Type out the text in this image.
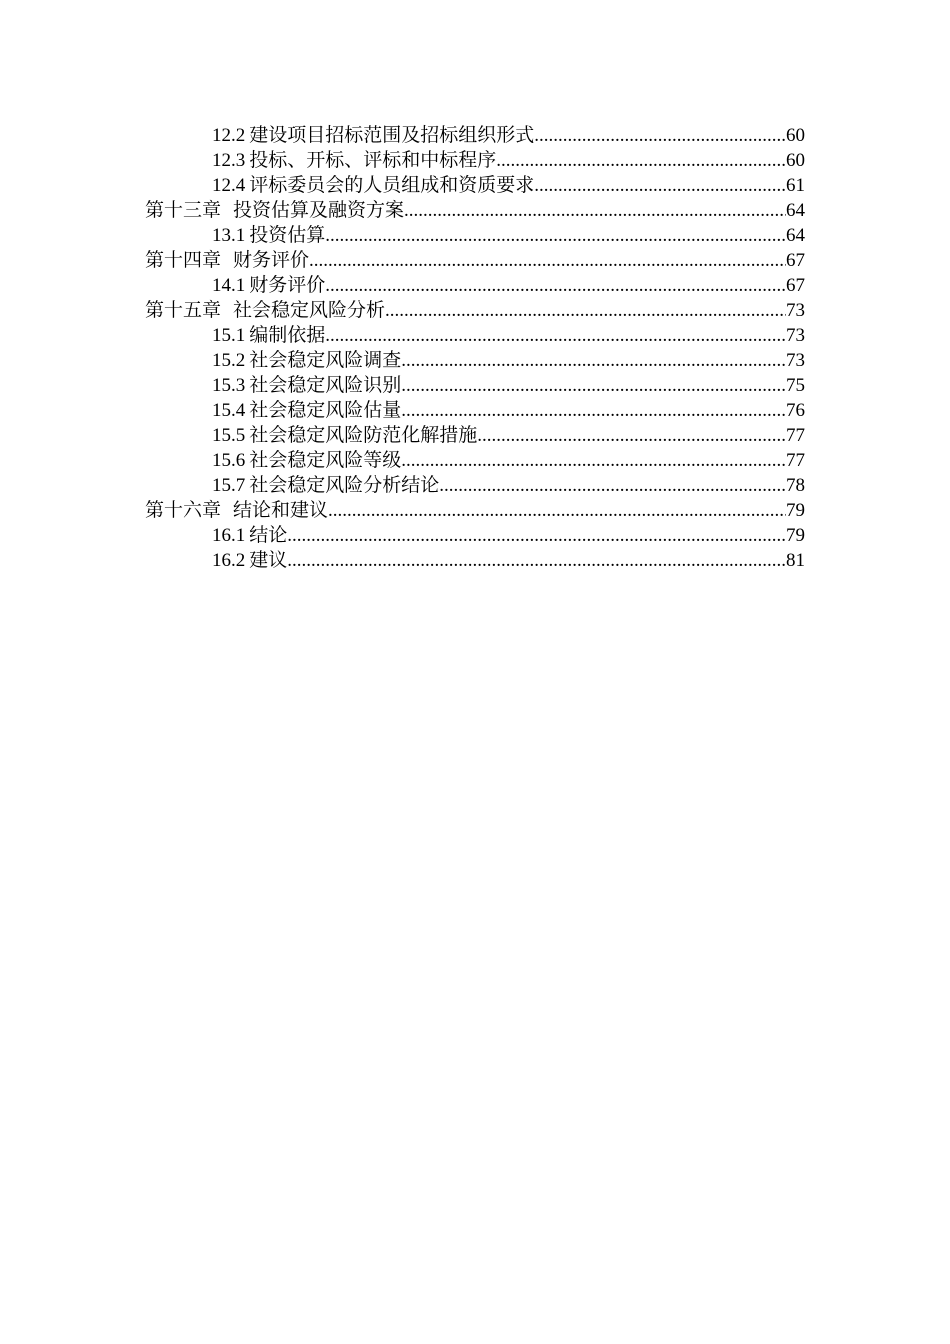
12.2 建设项目招标范围及招标组织形式 .....	60
12.3 投标、开标、评标和中标程序 .....	60
12.4 评标委员会的人员组成和资质要求 .....	61
第十三章 投资估算及融资方案 .....	64
13.1 投资估算 .....	64
第十四章 财务评价 .....	67
14.1 财务评价 .....	67
第十五章 社会稳定风险分析 .....	73
15.1 编制依据 .....	73
15.2 社会稳定风险调查 .....	73
15.3 社会稳定风险识别 .....	75
15.4 社会稳定风险估量 .....	76
15.5 社会稳定风险防范化解措施 .....	77
15.6 社会稳定风险等级 .....	77
15.7 社会稳定风险分析结论 .....	78
第十六章 结论和建议 .....	79
16.1 结论 .....	79
16.2 建议 .....	81
